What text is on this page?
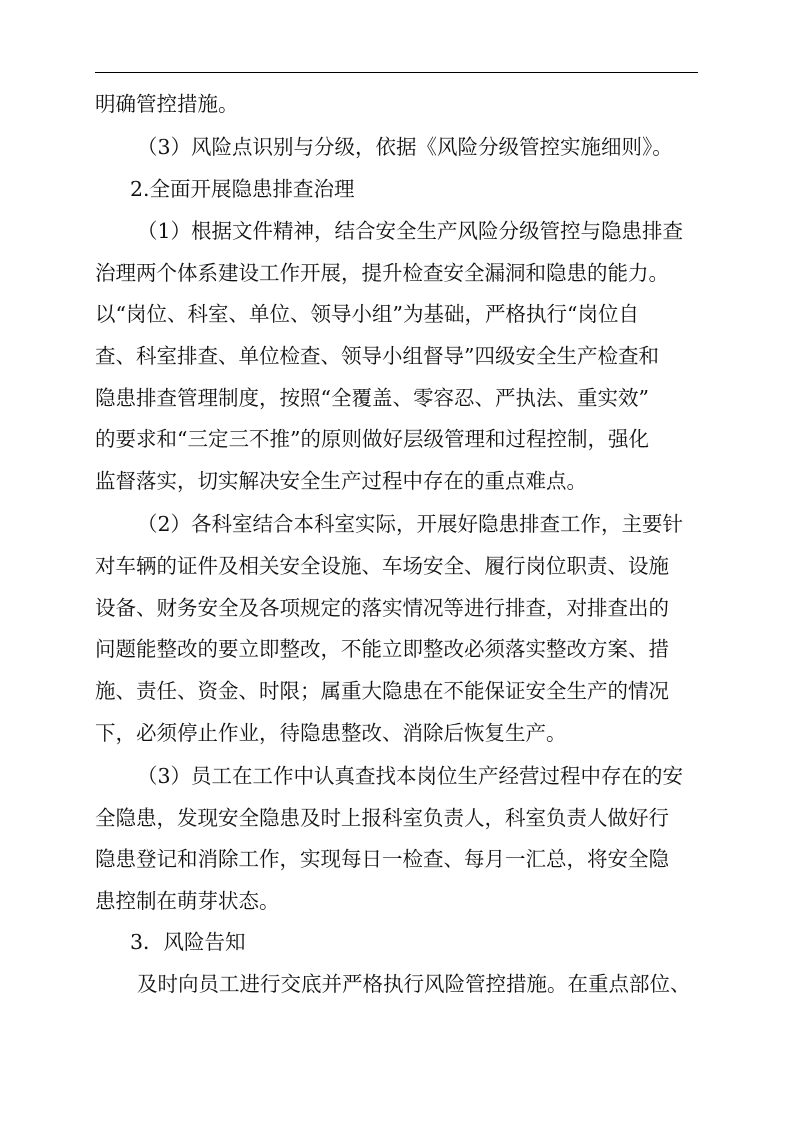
明确管控措施。
（3）风险点识别与分级，依据《风险分级管控实施细则》。
2.全面开展隐患排查治理
（1）根据文件精神，结合安全生产风险分级管控与隐患排查
治理两个体系建设工作开展，提升检查安全漏洞和隐患的能力。
以“岗位、科室、单位、领导小组”为基础，严格执行“岗位自
查、科室排查、单位检查、领导小组督导”四级安全生产检查和
隐患排查管理制度，按照“全覆盖、零容忍、严执法、重实效”
的要求和“三定三不推”的原则做好层级管理和过程控制，强化
监督落实，切实解决安全生产过程中存在的重点难点。
（2）各科室结合本科室实际，开展好隐患排查工作，主要针
对车辆的证件及相关安全设施、车场安全、履行岗位职责、设施
设备、财务安全及各项规定的落实情况等进行排查，对排查出的
问题能整改的要立即整改，不能立即整改必须落实整改方案、措
施、责任、资金、时限；属重大隐患在不能保证安全生产的情况
下，必须停止作业，待隐患整改、消除后恢复生产。
（3）员工在工作中认真查找本岗位生产经营过程中存在的安
全隐患，发现安全隐患及时上报科室负责人，科室负责人做好行
隐患登记和消除工作，实现每日一检查、每月一汇总，将安全隐
患控制在萌芽状态。
3．风险告知
及时向员工进行交底并严格执行风险管控措施。在重点部位、
